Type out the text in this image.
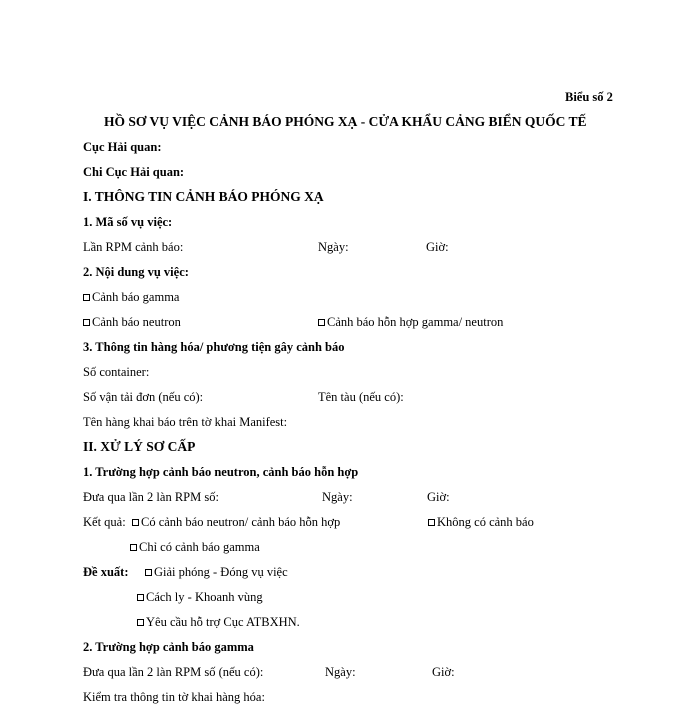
Biểu số 2
HỒ SƠ VỤ VIỆC CẢNH BÁO PHÓNG XẠ - CỬA KHẨU CẢNG BIỂN QUỐC TẾ
Cục Hải quan:
Chi Cục Hải quan:
I. THÔNG TIN CẢNH BÁO PHÓNG XẠ
1. Mã số vụ việc:
Lần RPM cảnh báo:	Ngày:	Giờ:
2. Nội dung vụ việc:
Cảnh báo gamma
Cảnh báo neutron	Cảnh báo hỗn hợp gamma/ neutron
3. Thông tin hàng hóa/ phương tiện gây cảnh báo
Số container:
Số vận tải đơn (nếu có):	Tên tàu (nếu có):
Tên hàng khai báo trên tờ khai Manifest:
II. XỬ LÝ SƠ CẤP
1. Trường hợp cảnh báo neutron, cảnh báo hỗn hợp
Đưa qua lần 2 làn RPM số:	Ngày:	Giờ:
Kết quả:	Có cảnh báo neutron/ cảnh báo hỗn hợp	Không có cảnh báo
Chỉ có cảnh báo gamma
Đề xuất:	Giải phóng - Đóng vụ việc
Cách ly - Khoanh vùng
Yêu cầu hỗ trợ Cục ATBXHN.
2. Trường hợp cảnh báo gamma
Đưa qua lần 2 làn RPM số (nếu có):	Ngày:	Giờ:
Kiểm tra thông tin tờ khai hàng hóa:
